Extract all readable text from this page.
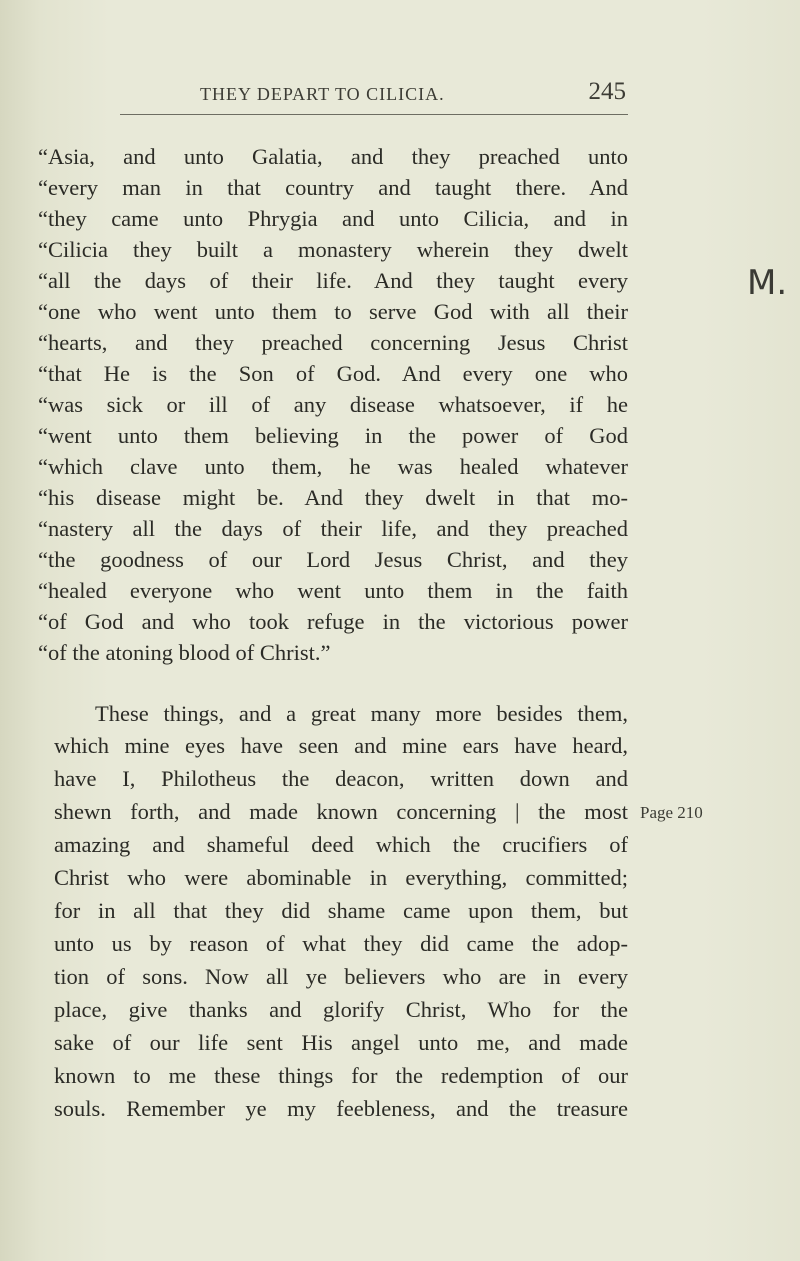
THEY DEPART TO CILICIA.	245
“Asia, and unto Galatia, and they preached unto
“every man in that country and taught there. And
“they came unto Phrygia and unto Cilicia, and in
“Cilicia they built a monastery wherein they dwelt
“all the days of their life. And they taught every
“one who went unto them to serve God with all their
“hearts, and they preached concerning Jesus Christ
“that He is the Son of God. And every one who
“was sick or ill of any disease whatsoever, if he
“went unto them believing in the power of God
“which clave unto them, he was healed whatever
“his disease might be. And they dwelt in that mo-
“nastery all the days of their life, and they preached
“the goodness of our Lord Jesus Christ, and they
“healed everyone who went unto them in the faith
“of God and who took refuge in the victorious power
“of the atoning blood of Christ.”
These things, and a great many more besides them,
which mine eyes have seen and mine ears have heard,
have I, Philotheus the deacon, written down and
shewn forth, and made known concerning | the most
amazing and shameful deed which the crucifiers of
Christ who were abominable in everything, committed;
for in all that they did shame came upon them, but
unto us by reason of what they did came the adop-
tion of sons. Now all ye believers who are in every
place, give thanks and glorify Christ, Who for the
sake of our life sent His angel unto me, and made
known to me these things for the redemption of our
souls. Remember ye my feebleness, and the treasure
M.
Page 210
